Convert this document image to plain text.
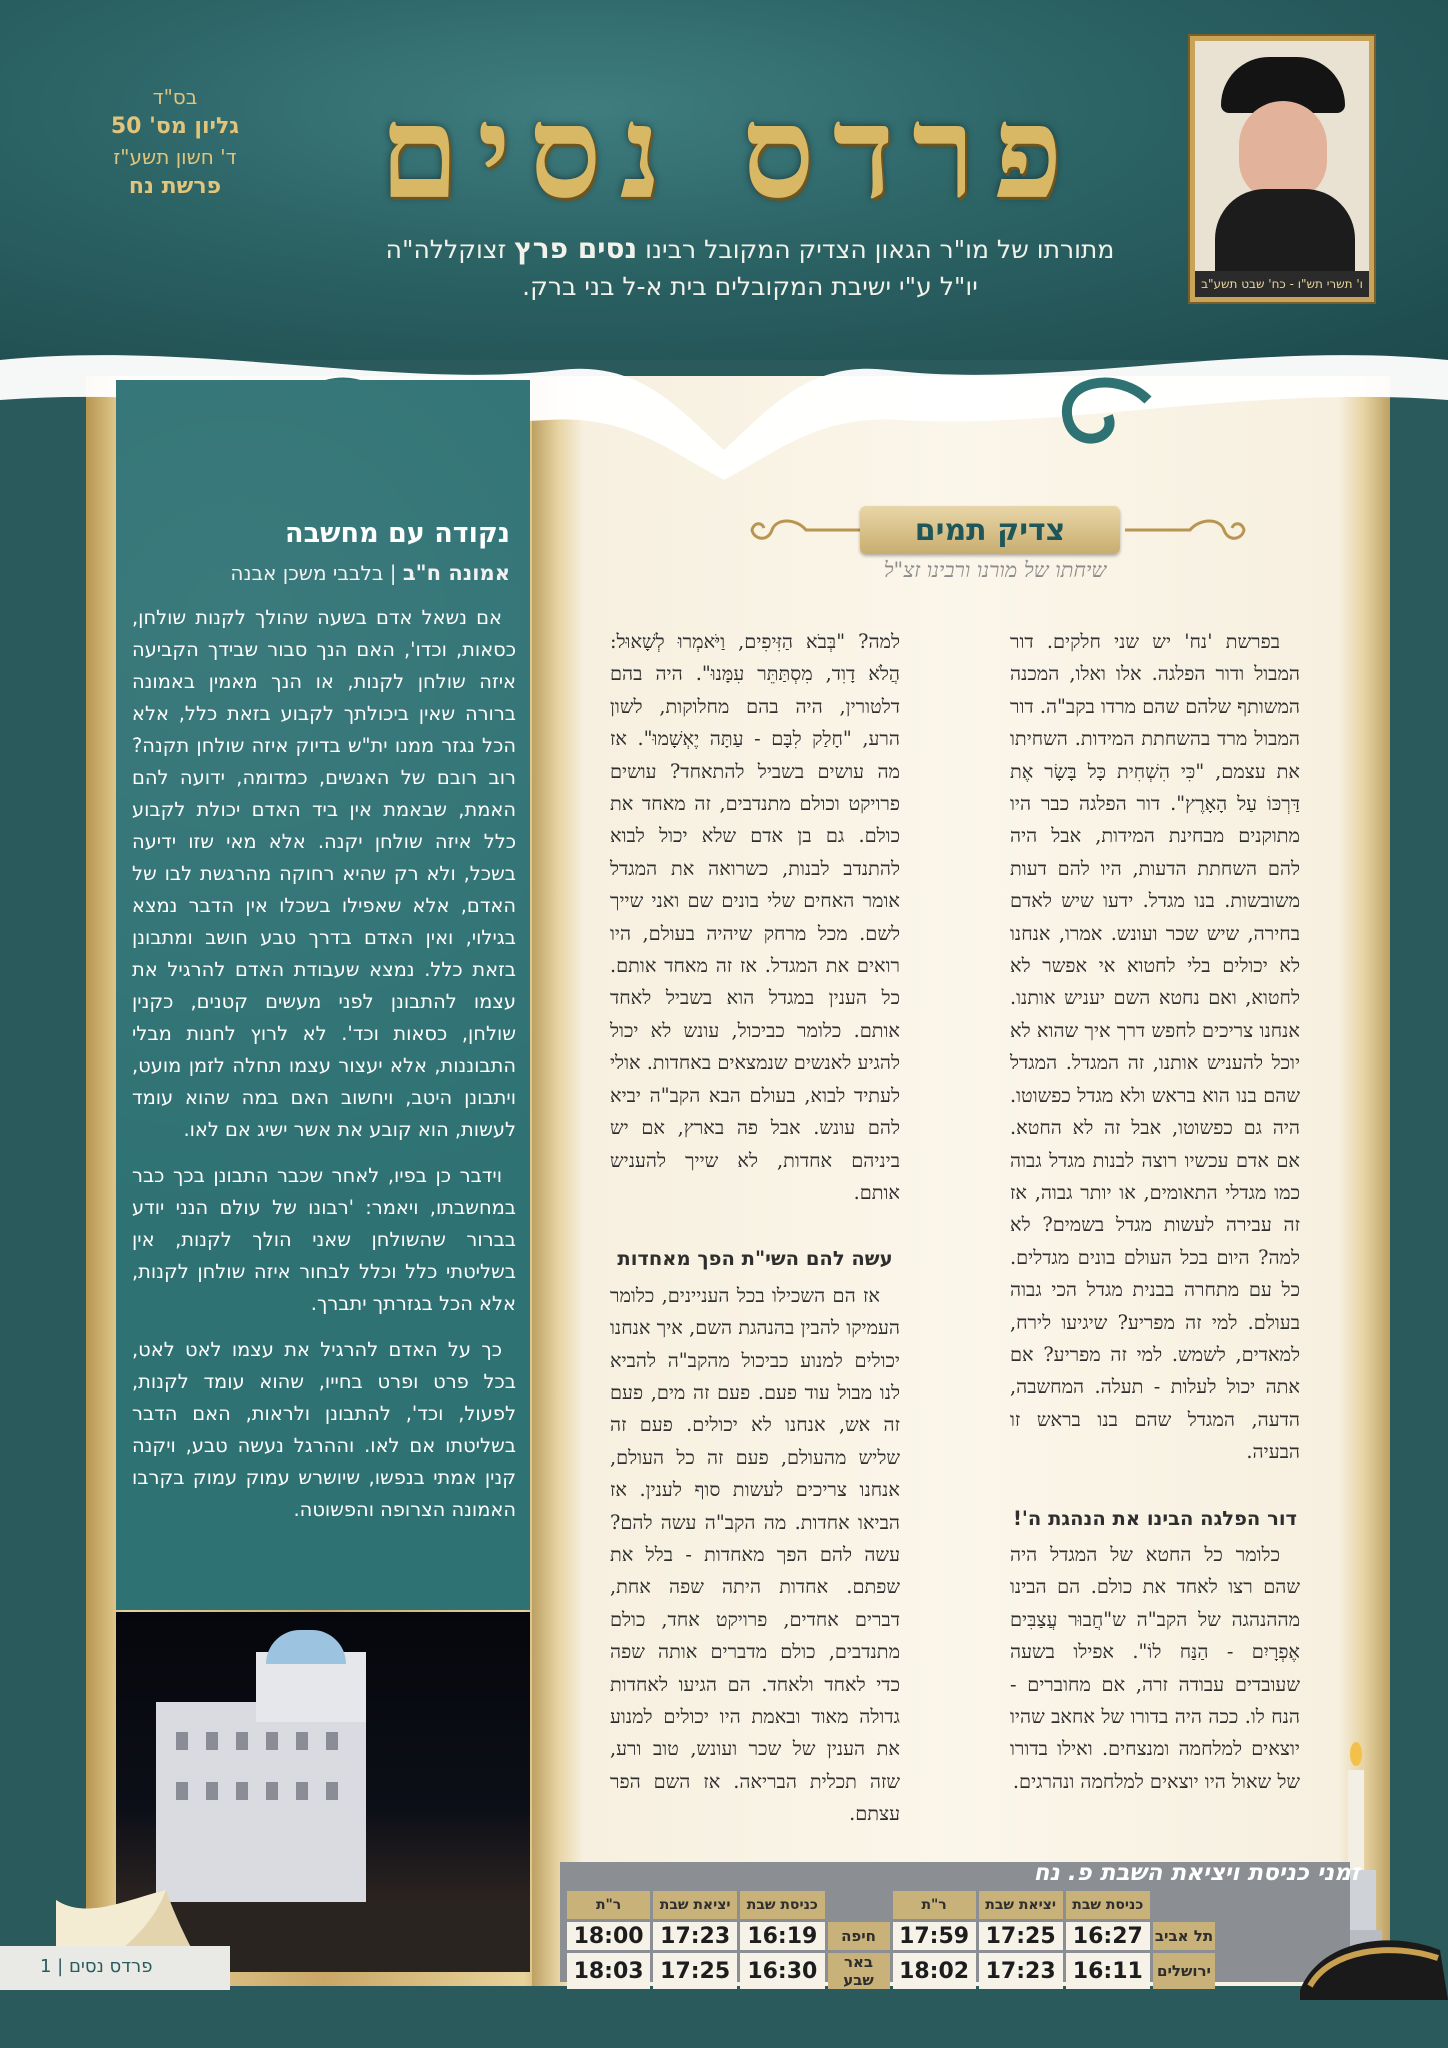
בס"ד
גליון מס' 50
ד' חשון תשע"ז
פרשת נח	פרדס נסים
מתורתו של מו"ר הגאון הצדיק המקובל רבינו נסים פרץ זצוקללה"ה
יו"ל ע"י ישיבת המקובלים בית א-ל בני ברק.	ו' תשרי תש"ו - כח' שבט תשע"ב
נקודה עם מחשבה
אמונה ח"ב | בלבבי משכן אבנה

אם נשאל אדם בשעה שהולך לקנות שולחן, כסאות, וכדו', האם הנך סבור שבידך הקביעה איזה שולחן לקנות, או הנך מאמין באמונה ברורה שאין ביכולתך לקבוע בזאת כלל, אלא הכל נגזר ממנו ית"ש בדיוק איזה שולחן תקנה? רוב רובם של האנשים, כמדומה, ידועה להם האמת, שבאמת אין ביד האדם יכולת לקבוע כלל איזה שולחן יקנה. אלא מאי שזו ידיעה בשכל, ולא רק שהיא רחוקה מהרגשת לבו של האדם, אלא שאפילו בשכלו אין הדבר נמצא בגילוי, ואין האדם בדרך טבע חושב ומתבונן בזאת כלל. נמצא שעבודת האדם להרגיל את עצמו להתבונן לפני מעשים קטנים, כקנין שולחן, כסאות וכד'. לא לרוץ לחנות מבלי התבוננות, אלא יעצור עצמו תחלה לזמן מועט, ויתבונן היטב, ויחשוב האם במה שהוא עומד לעשות, הוא קובע את אשר ישיג אם לאו.

וידבר כן בפיו, לאחר שכבר התבונן בכך כבר במחשבתו, ויאמר: 'רבונו של עולם הנני יודע בברור שהשולחן שאני הולך לקנות, אין בשליטתי כלל וכלל לבחור איזה שולחן לקנות, אלא הכל בגזרתך יתברך.

כך על האדם להרגיל את עצמו לאט לאט, בכל פרט ופרט בחייו, שהוא עומד לקנות, לפעול, וכד', להתבונן ולראות, האם הדבר בשליטתו אם לאו. וההרגל נעשה טבע, ויקנה קנין אמתי בנפשו, שיושרש עמוק עמוק בקרבו האמונה הצרופה והפשוטה.

פרדס נסים | 1
צדיק תמים
שיחתו של מורנו ורבינו זצ"ל

בפרשת 'נח' יש שני חלקים. דור המבול ודור הפלגה. אלו ואלו, המכנה המשותף שלהם שהם מרדו בקב"ה. דור המבול מרד בהשחתת המידות. השחיתו את עצמם, "כִּי הִשְׁחִית כָּל בָּשָׂר אֶת דַּרְכּוֹ עַל הָאָרֶץ". דור הפלגה כבר היו מתוקנים מבחינת המידות, אבל היה להם השחתת הדעות, היו להם דעות משובשות. בנו מגדל. ידעו שיש לאדם בחירה, שיש שכר ועונש. אמרו, אנחנו לא יכולים בלי לחטוא אי אפשר לא לחטוא, ואם נחטא השם יעניש אותנו. אנחנו צריכים לחפש דרך איך שהוא לא יוכל להעניש אותנו, זה המגדל. המגדל שהם בנו הוא בראש ולא מגדל כפשוטו. היה גם כפשוטו, אבל זה לא החטא. אם אדם עכשיו רוצה לבנות מגדל גבוה כמו מגדלי התאומים, או יותר גבוה, אז זה עבירה לעשות מגדל בשמים? לא למה? היום בכל העולם בונים מגדלים. כל עם מתחרה בבנית מגדל הכי גבוה בעולם. למי זה מפריע? שיגיעו לירח, למאדים, לשמש. למי זה מפריע? אם אתה יכול לעלות - תעלה. המחשבה, הדעה, המגדל שהם בנו בראש זו הבעיה.

דור הפלגה הבינו את הנהגת ה'!

כלומר כל החטא של המגדל היה שהם רצו לאחד את כולם. הם הבינו מההנהגה של הקב"ה ש"חֲבוּר עֲצַבִּים אֶפְרָיִם - הַנַּח לוֹ". אפילו בשעה שעובדים עבודה זרה, אם מחוברים - הנח לו. ככה היה בדורו של אחאב שהיו יוצאים למלחמה ומנצחים. ואילו בדורו של שאול היו יוצאים למלחמה ונהרגים.

למה? "בְּבֹא הַזִּיפִים, וַיֹּאמְרוּ לְשָׁאוּל: הֲלֹא דָוִד, מִסְתַּתֵּר עִמָּנוּ". היה בהם דלטורין, היה בהם מחלוקות, לשון הרע, "חָלַק לִבָּם - עַתָּה יֶאְשָׁמוּ". אז מה עושים בשביל להתאחד? עושים פרויקט וכולם מתנדבים, זה מאחד את כולם. גם בן אדם שלא יכול לבוא להתנדב לבנות, כשרואה את המגדל אומר האחים שלי בונים שם ואני שייך לשם. מכל מרחק שיהיה בעולם, היו רואים את המגדל. אז זה מאחד אותם. כל הענין במגדל הוא בשביל לאחד אותם. כלומר כביכול, עונש לא יכול להגיע לאנשים שנמצאים באחדות. אולי לעתיד לבוא, בעולם הבא הקב"ה יביא להם עונש. אבל פה בארץ, אם יש ביניהם אחדות, לא שייך להעניש אותם.

עשה להם השי"ת הפך מאחדות

אז הם השכילו בכל העניינים, כלומר העמיקו להבין בהנהגת השם, איך אנחנו יכולים למנוע כביכול מהקב"ה להביא לנו מבול עוד פעם. פעם זה מים, פעם זה אש, אנחנו לא יכולים. פעם זה שליש מהעולם, פעם זה כל העולם, אנחנו צריכים לעשות סוף לענין. אז הביאו אחדות. מה הקב"ה עשה להם? עשה להם הפך מאחדות - בלל את שפתם. אחדות היתה שפה אחת, דברים אחדים, פרויקט אחד, כולם מתנדבים, כולם מדברים אותה שפה כדי לאחד ולאחד. הם הגיעו לאחדות גדולה מאוד ובאמת היו יכולים למנוע את הענין של שכר ועונש, טוב ורע, שזה תכלית הבריאה. אז השם הפר עצתם.

זמני כניסת ויציאת השבת פ. נח
	כניסת שבת	יציאת שבת	ר"ת		כניסת שבת	יציאת שבת	ר"ת
תל אביב	16:27	17:25	17:59	חיפה	16:19	17:23	18:00
ירושלים	16:11	17:23	18:02	באר שבע	16:30	17:25	18:03
